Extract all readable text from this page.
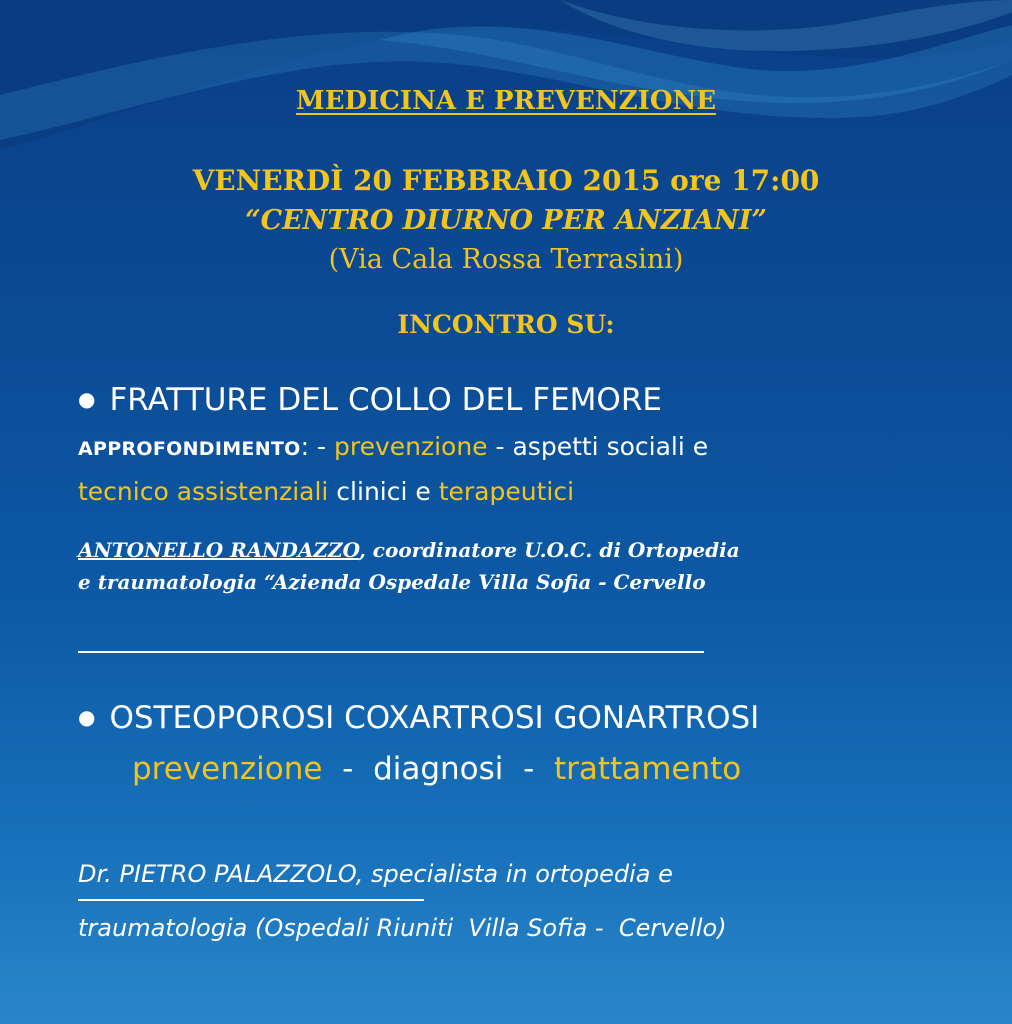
MEDICINA E PREVENZIONE
VENERDÌ 20 FEBBRAIO 2015 ore 17:00
“CENTRO DIURNO PER ANZIANI”
(Via Cala Rossa Terrasini)
INCONTRO SU:
● FRATTURE DEL COLLO DEL FEMORE
APPROFONDIMENTO: - prevenzione - aspetti sociali e
tecnico assistenziali clinici e terapeutici
ANTONELLO RANDAZZO, coordinatore U.O.C. di Ortopedia
e traumatologia “Azienda Ospedale Villa Sofia - Cervello
● OSTEOPOROSI COXARTROSI GONARTROSI
prevenzione  -  diagnosi  -  trattamento
Dr. PIETRO PALAZZOLO, specialista in ortopedia e
traumatologia (Ospedali Riuniti  Villa Sofia -  Cervello)
